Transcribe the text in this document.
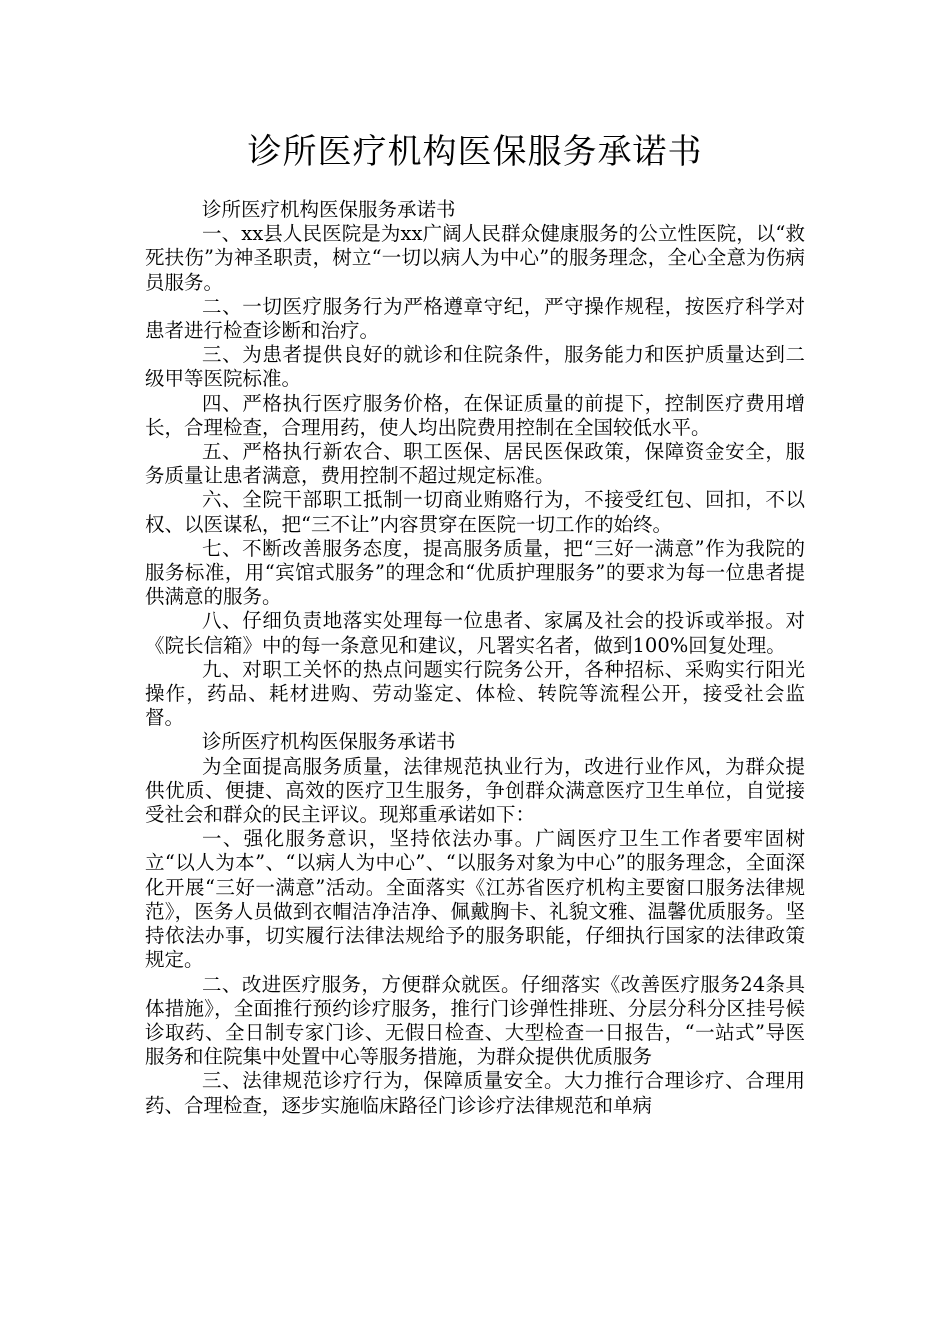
诊所医疗机构医保服务承诺书

诊所医疗机构医保服务承诺书

一、xx县人民医院是为xx广阔人民群众健康服务的公立性医院，以“救死扶伤”为神圣职责，树立“一切以病人为中心”的服务理念，全心全意为伤病员服务。

二、一切医疗服务行为严格遵章守纪，严守操作规程，按医疗科学对患者进行检查诊断和治疗。

三、为患者提供良好的就诊和住院条件，服务能力和医护质量达到二级甲等医院标准。

四、严格执行医疗服务价格，在保证质量的前提下，控制医疗费用增长，合理检查，合理用药，使人均出院费用控制在全国较低水平。

五、严格执行新农合、职工医保、居民医保政策，保障资金安全，服务质量让患者满意，费用控制不超过规定标准。

六、全院干部职工抵制一切商业贿赂行为，不接受红包、回扣，不以权、以医谋私，把“三不让”内容贯穿在医院一切工作的始终。

七、不断改善服务态度，提高服务质量，把“三好一满意”作为我院的服务标准，用“宾馆式服务”的理念和“优质护理服务”的要求为每一位患者提供满意的服务。

八、仔细负责地落实处理每一位患者、家属及社会的投诉或举报。对《院长信箱》中的每一条意见和建议，凡署实名者，做到100%回复处理。

九、对职工关怀的热点问题实行院务公开，各种招标、采购实行阳光操作，药品、耗材进购、劳动鉴定、体检、转院等流程公开，接受社会监督。

诊所医疗机构医保服务承诺书

为全面提高服务质量，法律规范执业行为，改进行业作风，为群众提供优质、便捷、高效的医疗卫生服务，争创群众满意医疗卫生单位，自觉接受社会和群众的民主评议。现郑重承诺如下：

一、强化服务意识，坚持依法办事。广阔医疗卫生工作者要牢固树立“以人为本”、“以病人为中心”、“以服务对象为中心”的服务理念，全面深化开展“三好一满意”活动。全面落实《江苏省医疗机构主要窗口服务法律规范》，医务人员做到衣帽洁净洁净、佩戴胸卡、礼貌文雅、温馨优质服务。坚持依法办事，切实履行法律法规给予的服务职能，仔细执行国家的法律政策规定。

二、改进医疗服务，方便群众就医。仔细落实《改善医疗服务24条具体措施》，全面推行预约诊疗服务，推行门诊弹性排班、分层分科分区挂号候诊取药、全日制专家门诊、无假日检查、大型检查一日报告，“一站式”导医服务和住院集中处置中心等服务措施，为群众提供优质服务

三、法律规范诊疗行为，保障质量安全。大力推行合理诊疗、合理用药、合理检查，逐步实施临床路径门诊诊疗法律规范和单病
